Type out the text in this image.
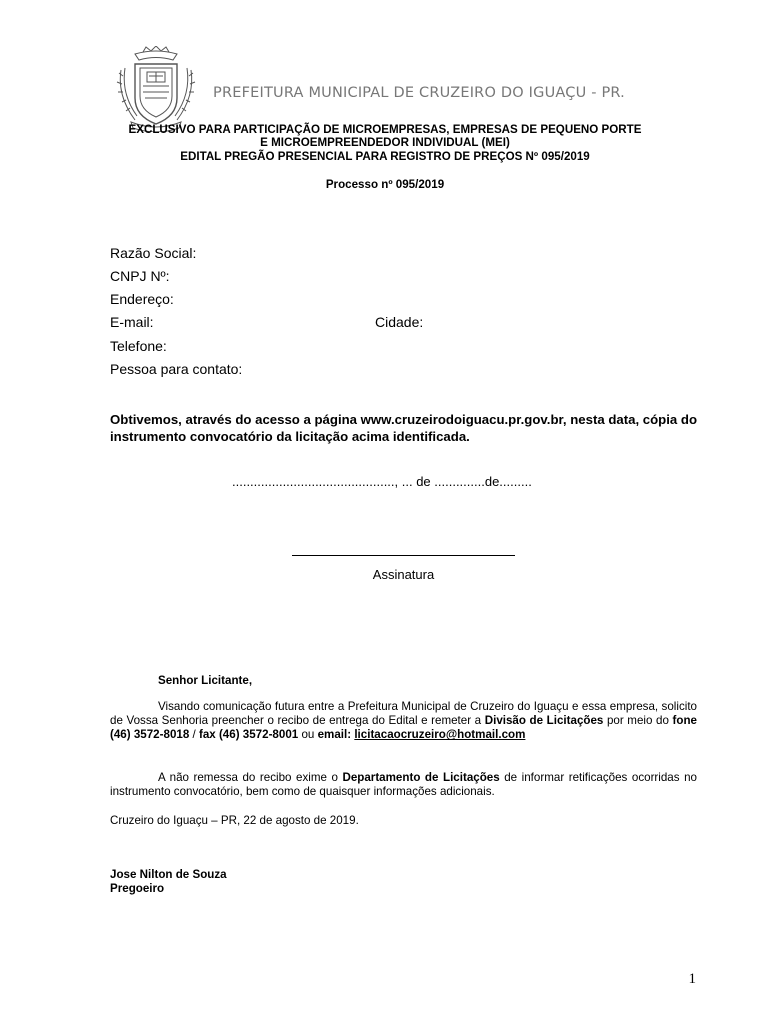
PREFEITURA MUNICIPAL DE CRUZEIRO DO IGUAÇU - PR.
EXCLUSIVO PARA PARTICIPAÇÃO DE MICROEMPRESAS, EMPRESAS DE PEQUENO PORTE
E MICROEMPREENDEDOR INDIVIDUAL (MEI)
EDITAL PREGÃO PRESENCIAL PARA REGISTRO DE PREÇOS Nº 095/2019
Processo nº 095/2019
Razão Social:
CNPJ Nº:
Endereço:
E-mail:	Cidade:
Telefone:
Pessoa para contato:
Obtivemos, através do acesso a página www.cruzeirodoiguacu.pr.gov.br, nesta data, cópia do instrumento convocatório da licitação acima identificada.
............................................., ... de ..............de.........
Assinatura
Senhor Licitante,
Visando comunicação futura entre a Prefeitura Municipal de Cruzeiro do Iguaçu e essa empresa, solicito de Vossa Senhoria preencher o recibo de entrega do Edital e remeter a Divisão de Licitações por meio do fone (46) 3572-8018 / fax (46) 3572-8001 ou email: licitacaocruzeiro@hotmail.com
A não remessa do recibo exime o Departamento de Licitações de informar retificações ocorridas no instrumento convocatório, bem como de quaisquer informações adicionais.
Cruzeiro do Iguaçu – PR, 22 de agosto de 2019.
Jose Nilton de Souza
Pregoeiro
1
